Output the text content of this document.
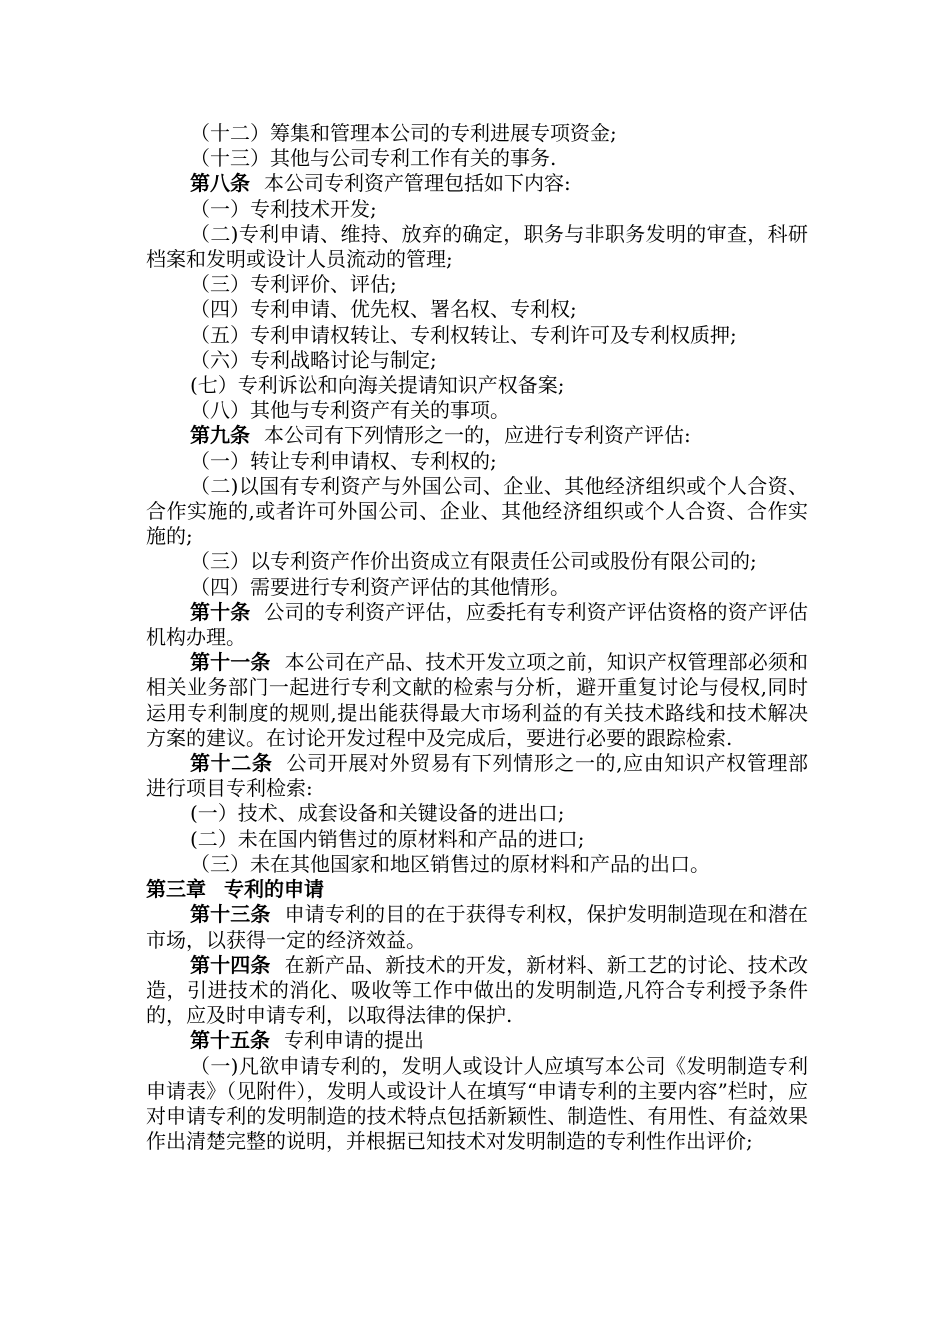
（十二）筹集和管理本公司的专利进展专项资金;

（十三）其他与公司专利工作有关的事务.

第八条 本公司专利资产管理包括如下内容:

（一）专利技术开发;

（二)专利申请、维持、放弃的确定，职务与非职务发明的审查，科研档案和发明或设计人员流动的管理;

（三）专利评价、评估;

（四）专利申请、优先权、署名权、专利权;

（五）专利申请权转让、专利权转让、专利许可及专利权质押;

（六）专利战略讨论与制定;

(七）专利诉讼和向海关提请知识产权备案;

（八）其他与专利资产有关的事项。

第九条 本公司有下列情形之一的，应进行专利资产评估:

（一）转让专利申请权、专利权的;

（二)以国有专利资产与外国公司、企业、其他经济组织或个人合资、合作实施的,或者许可外国公司、企业、其他经济组织或个人合资、合作实施的;

（三）以专利资产作价出资成立有限责任公司或股份有限公司的;

（四）需要进行专利资产评估的其他情形。

第十条 公司的专利资产评估，应委托有专利资产评估资格的资产评估机构办理。

第十一条 本公司在产品、技术开发立项之前，知识产权管理部必须和相关业务部门一起进行专利文献的检索与分析，避开重复讨论与侵权,同时运用专利制度的规则,提出能获得最大市场利益的有关技术路线和技术解决方案的建议。在讨论开发过程中及完成后，要进行必要的跟踪检索.

第十二条 公司开展对外贸易有下列情形之一的,应由知识产权管理部进行项目专利检索:

(一）技术、成套设备和关键设备的进出口;

(二）未在国内销售过的原材料和产品的进口;

（三）未在其他国家和地区销售过的原材料和产品的出口。

第三章 专利的申请

第十三条 申请专利的目的在于获得专利权，保护发明制造现在和潜在市场，以获得一定的经济效益。

第十四条 在新产品、新技术的开发，新材料、新工艺的讨论、技术改造，引进技术的消化、吸收等工作中做出的发明制造,凡符合专利授予条件的，应及时申请专利，以取得法律的保护.

第十五条 专利申请的提出

（一)凡欲申请专利的，发明人或设计人应填写本公司《发明制造专利申请表》（见附件），发明人或设计人在填写“申请专利的主要内容”栏时，应对申请专利的发明制造的技术特点包括新颖性、制造性、有用性、有益效果作出清楚完整的说明，并根据已知技术对发明制造的专利性作出评价;
